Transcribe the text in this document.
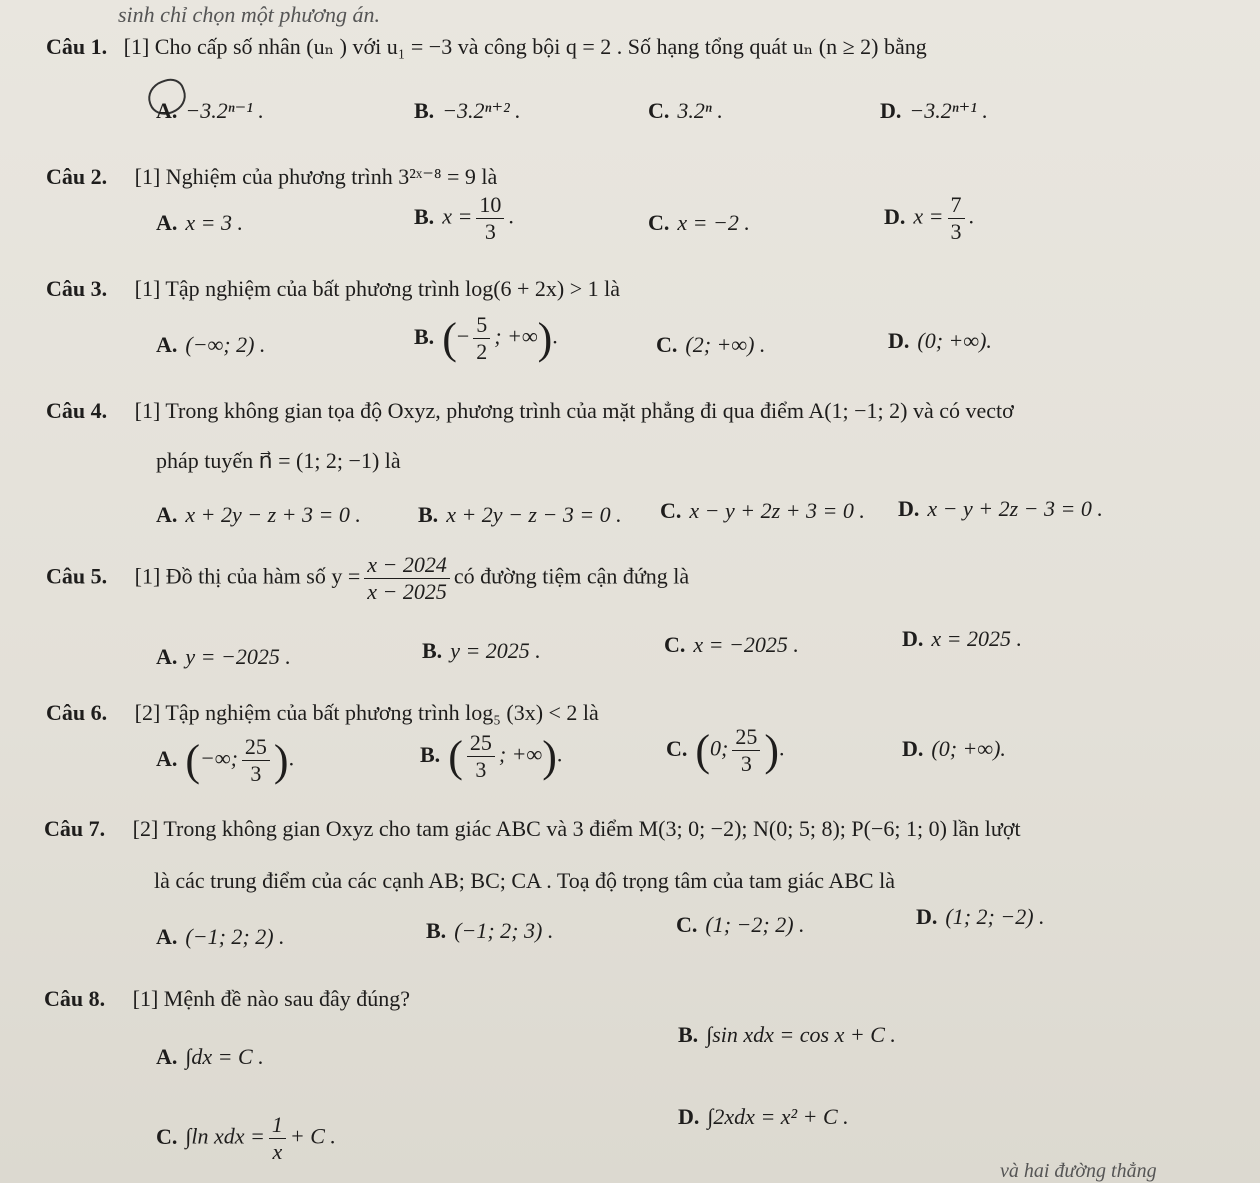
sinh chỉ chọn một phương án.
Câu 1. [1] Cho cấp số nhân (uₙ ) với u₁ = −3 và công bội q = 2 . Số hạng tổng quát uₙ (n ≥ 2) bằng
A. −3.2ⁿ⁻¹ .	B. −3.2ⁿ⁺² .	C. 3.2ⁿ .	D. −3.2ⁿ⁺¹ .
Câu 2. [1] Nghiệm của phương trình 3²ˣ⁻⁸ = 9 là
A. x = 3 .	B. $x = \frac{10}{3}$ .	C. x = −2 .	D. $x = \frac{7}{3}$ .
Câu 3. [1] Tập nghiệm của bất phương trình log(6 + 2x) > 1 là
A. (−∞; 2) .	B. (− $\frac{5}{2}$ ; +∞).	C. (2; +∞) .	D. (0; +∞).
Câu 4. [1] Trong không gian tọa độ Oxyz, phương trình của mặt phẳng đi qua điểm A(1; −1; 2) và có vectơ
pháp tuyến n⃗ = (1; 2; −1) là
A. x + 2y − z + 3 = 0 .	B. x + 2y − z − 3 = 0 . C. x − y + 2z + 3 = 0 . D. x − y + 2z − 3 = 0 .
Câu 5. [1] Đồ thị của hàm số $y = \frac{x - 2024}{x - 2025}$ có đường tiệm cận đứng là
A. y = −2025 .	B. y = 2025 .	C. x = −2025 .	D. x = 2025 .
Câu 6. [2] Tập nghiệm của bất phương trình log₅ (3x) < 2 là
A. (−∞; $\frac{25}{3}$ ).	B. ( $\frac{25}{3}$ ; +∞).	C. (0; $\frac{25}{3}$ ).	D. (0; +∞).
Câu 7. [2] Trong không gian Oxyz cho tam giác ABC và 3 điểm M(3; 0; −2); N(0; 5; 8); P(−6; 1; 0) lần lượt
là các trung điểm của các cạnh AB; BC; CA . Toạ độ trọng tâm của tam giác ABC là
A. (−1; 2; 2) .	B. (−1; 2; 3) .	C. (1; −2; 2) .	D. (1; 2; −2) .
Câu 8. [1] Mệnh đề nào sau đây đúng?
A. ∫dx = C .
B. ∫sin xdx = cos x + C .
C. ∫ln xdx = $\frac{1}{x} + C$ .
D. ∫2xdx = x² + C .
và hai đường thẳng
